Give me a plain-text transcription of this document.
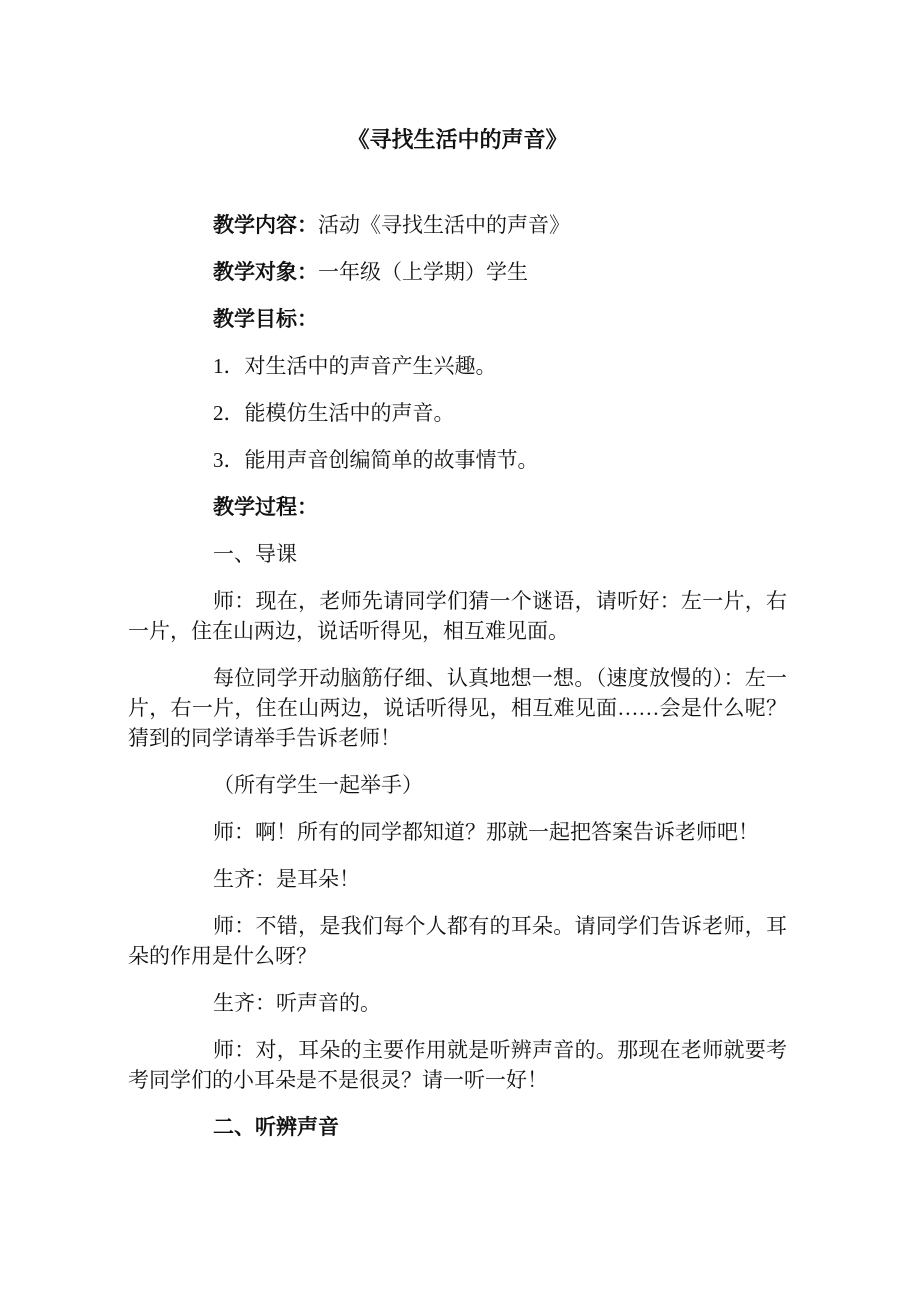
《寻找生活中的声音》

教学内容：活动《寻找生活中的声音》

教学对象：一年级（上学期）学生

教学目标：

1．对生活中的声音产生兴趣。

2．能模仿生活中的声音。

3．能用声音创编简单的故事情节。

教学过程：

一、导课

师：现在，老师先请同学们猜一个谜语，请听好：左一片，右一片，住在山两边，说话听得见，相互难见面。

每位同学开动脑筋仔细、认真地想一想。（速度放慢的）：左一片，右一片，住在山两边，说话听得见，相互难见面……会是什么呢？猜到的同学请举手告诉老师！

（所有学生一起举手）

师：啊！所有的同学都知道？那就一起把答案告诉老师吧！

生齐：是耳朵！

师：不错，是我们每个人都有的耳朵。请同学们告诉老师，耳朵的作用是什么呀？

生齐：听声音的。

师：对，耳朵的主要作用就是听辨声音的。那现在老师就要考考同学们的小耳朵是不是很灵？请一听一好！

二、听辨声音
